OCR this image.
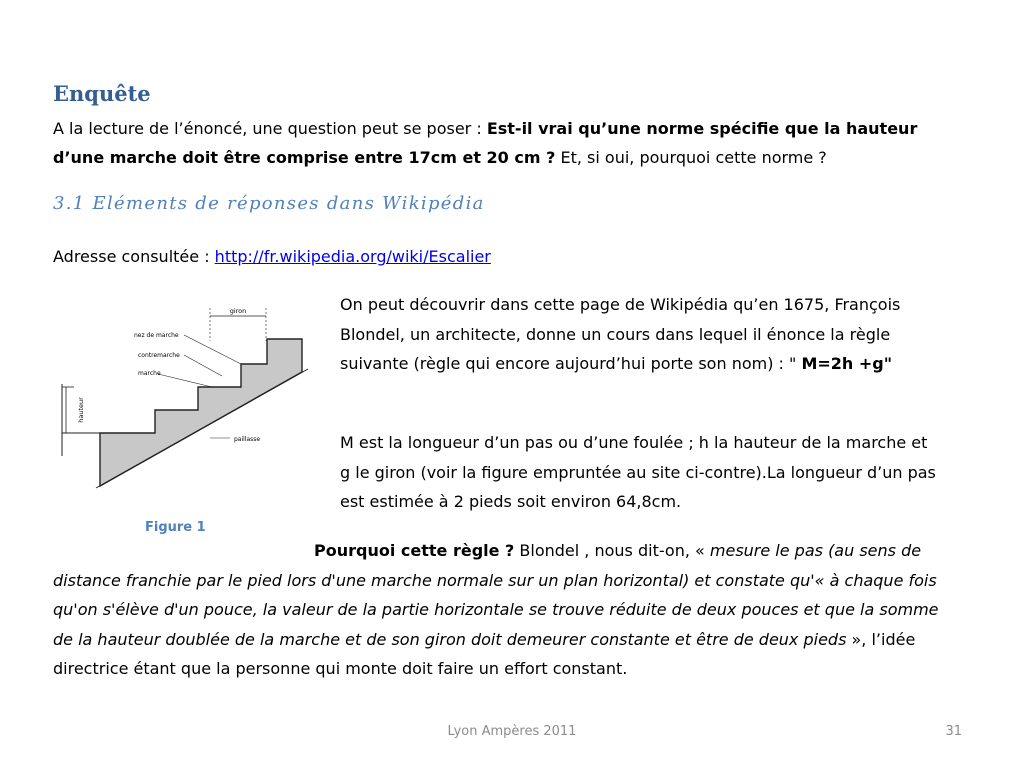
Enquête
A la lecture de l’énoncé, une question peut se poser : Est-il vrai qu’une norme spécifie que la hauteur d’une marche doit être comprise entre 17cm et 20 cm ? Et, si oui, pourquoi cette norme ?
3.1 Eléments de réponses dans Wikipédia
Adresse consultée : http://fr.wikipedia.org/wiki/Escalier
hauteur
giron
nez de marche
contremarche
marche
paillasse
Figure 1
On peut découvrir dans cette page de Wikipédia qu’en 1675, François Blondel, un architecte, donne un cours dans lequel il énonce la règle suivante (règle qui encore aujourd’hui porte son nom) : " M=2h +g"
M est la longueur d’un pas ou d’une foulée ; h la hauteur de la marche et g le giron (voir la figure empruntée au site ci-contre).La longueur d’un pas est estimée à 2 pieds soit environ 64,8cm.
Pourquoi cette règle ? Blondel , nous dit-on, « mesure le pas (au sens de distance franchie par le pied lors d'une marche normale sur un plan horizontal) et constate qu'« à chaque fois qu'on s'élève d'un pouce, la valeur de la partie horizontale se trouve réduite de deux pouces et que la somme de la hauteur doublée de la marche et de son giron doit demeurer constante et être de deux pieds », l’idée directrice étant que la personne qui monte doit faire un effort constant.
Lyon Ampères 2011	31
